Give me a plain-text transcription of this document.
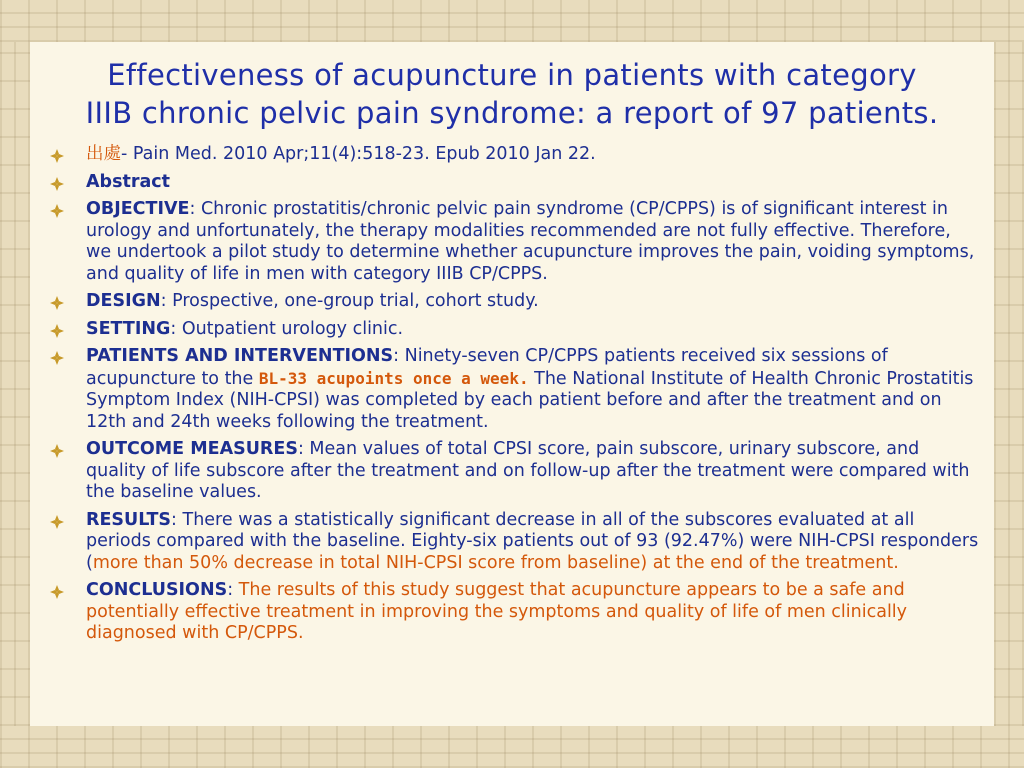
Effectiveness of acupuncture in patients with category
IIIB chronic pelvic pain syndrome: a report of 97 patients.
出處- Pain Med. 2010 Apr;11(4):518-23. Epub 2010 Jan 22.
Abstract
OBJECTIVE: Chronic prostatitis/chronic pelvic pain syndrome (CP/CPPS) is of significant interest in urology and unfortunately, the therapy modalities recommended are not fully effective. Therefore, we undertook a pilot study to determine whether acupuncture improves the pain, voiding symptoms, and quality of life in men with category IIIB CP/CPPS.
DESIGN: Prospective, one-group trial, cohort study.
SETTING: Outpatient urology clinic.
PATIENTS AND INTERVENTIONS: Ninety-seven CP/CPPS patients received six sessions of acupuncture to the BL-33 acupoints once a week. The National Institute of Health Chronic Prostatitis Symptom Index (NIH-CPSI) was completed by each patient before and after the treatment and on 12th and 24th weeks following the treatment.
OUTCOME MEASURES: Mean values of total CPSI score, pain subscore, urinary subscore, and quality of life subscore after the treatment and on follow-up after the treatment were compared with the baseline values.
RESULTS: There was a statistically significant decrease in all of the subscores evaluated at all periods compared with the baseline. Eighty-six patients out of 93 (92.47%) were NIH-CPSI responders (more than 50% decrease in total NIH-CPSI score from baseline) at the end of the treatment.
CONCLUSIONS: The results of this study suggest that acupuncture appears to be a safe and potentially effective treatment in improving the symptoms and quality of life of men clinically diagnosed with CP/CPPS.
